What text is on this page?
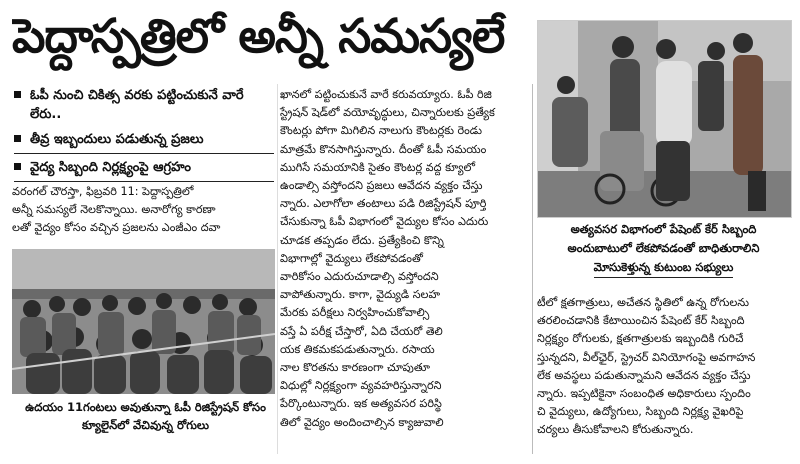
పెద్దాస్పత్రిలో అన్నీ సమస్యలే
ఓపీ నుంచి చికిత్స వరకు పట్టించుకునే వారే లేరు..
తీవ్ర ఇబ్బందులు పడుతున్న ప్రజలు
వైద్య సిబ్బంది నిర్లక్ష్యంపై ఆగ్రహం
వరంగల్ చౌరస్తా, ఫిబ్రవరి 11: పెద్దాస్పత్రిలో
అన్నీ సమస్యలే నెలకొన్నాయి. అనారోగ్య కారణా
లతో వైద్యం కోసం వచ్చిన ప్రజలను ఎంజీఎం దవా
ఉదయం 11గంటలు అవుతున్నా ఓపీ రిజిస్ట్రేషన్ కోసం
క్యూలైన్‌లో వేచివున్న రోగులు
ఖానలో పట్టించుకునే వారే కరువయ్యారు. ఓపీ రిజి
స్ట్రేషన్ షెడ్‌లో వయోవృద్ధులు, చిన్నారులకు ప్రత్యేక
కౌంటర్లు పోగా మిగిలిన నాలుగు కౌంటర్లకు రెండు
మాత్రమే కొనసాగిస్తున్నారు. దీంతో ఓపీ సమయం
ముగిసే సమయానికి సైతం కౌంటర్ల వద్ద క్యూలో
ఉండాల్సి వస్తోందని ప్రజలు ఆవేదన వ్యక్తం చేస్తు
న్నారు. ఎలాగోలా తంటాలు పడి రిజిస్ట్రేషన్ పూర్తి
చేసుకున్నా ఓపీ విభాగంలో వైద్యుల కోసం ఎదురు
చూడక తప్పడం లేదు. ప్రత్యేకించి కొన్ని
విభాగాల్లో వైద్యులు లేకపోవడంతో
వారికోసం ఎదురుచూడాల్సి వస్తోందని
వాపోతున్నారు. కాగా, వైద్యుడి సలహ
మేరకు పరీక్షలు నిర్వహించుకోవాల్సి
వస్తే ఏ పరీక్ష చేస్తారో, ఏది చేయరో తెలి
యక తికమకపడుతున్నారు. రసాయ
నాల కొరతను కారణంగా చూపుతూ
విధుల్లో నిర్లక్ష్యంగా వ్యవహరిస్తున్నారని
పేర్కొంటున్నారు. ఇక అత్యవసర పరిస్థి
తిలో వైద్యం అందించాల్సిన క్యాజువాలి
అత్యవసర విభాగంలో పేషెంట్ కేర్ సిబ్బంది
అందుబాటులో లేకపోవడంతో బాధితురాలిని
మోసుకెళ్తున్న కుటుంబ సభ్యులు
టీలో క్షతగాత్రులు, అచేతన స్థితిలో ఉన్న రోగులను
తరలించడానికి కేటాయించిన పేషెంట్ కేర్ సిబ్బంది
నిర్లక్ష్యం రోగులకు, క్షతగాత్రులకు ఇబ్బందికి గురిచే
స్తున్నదని, వీల్‌ఛైర్, స్ట్రెచర్ వినియోగంపై అవగాహన
లేక అవస్థలు పడుతున్నామని ఆవేదన వ్యక్తం చేస్తు
న్నారు. ఇప్పటికైనా సంబంధిత అధికారులు స్పందిం
చి వైద్యులు, ఉద్యోగులు, సిబ్బంది నిర్లక్ష్య వైఖరిపై
చర్యలు తీసుకోవాలని కోరుతున్నారు.
